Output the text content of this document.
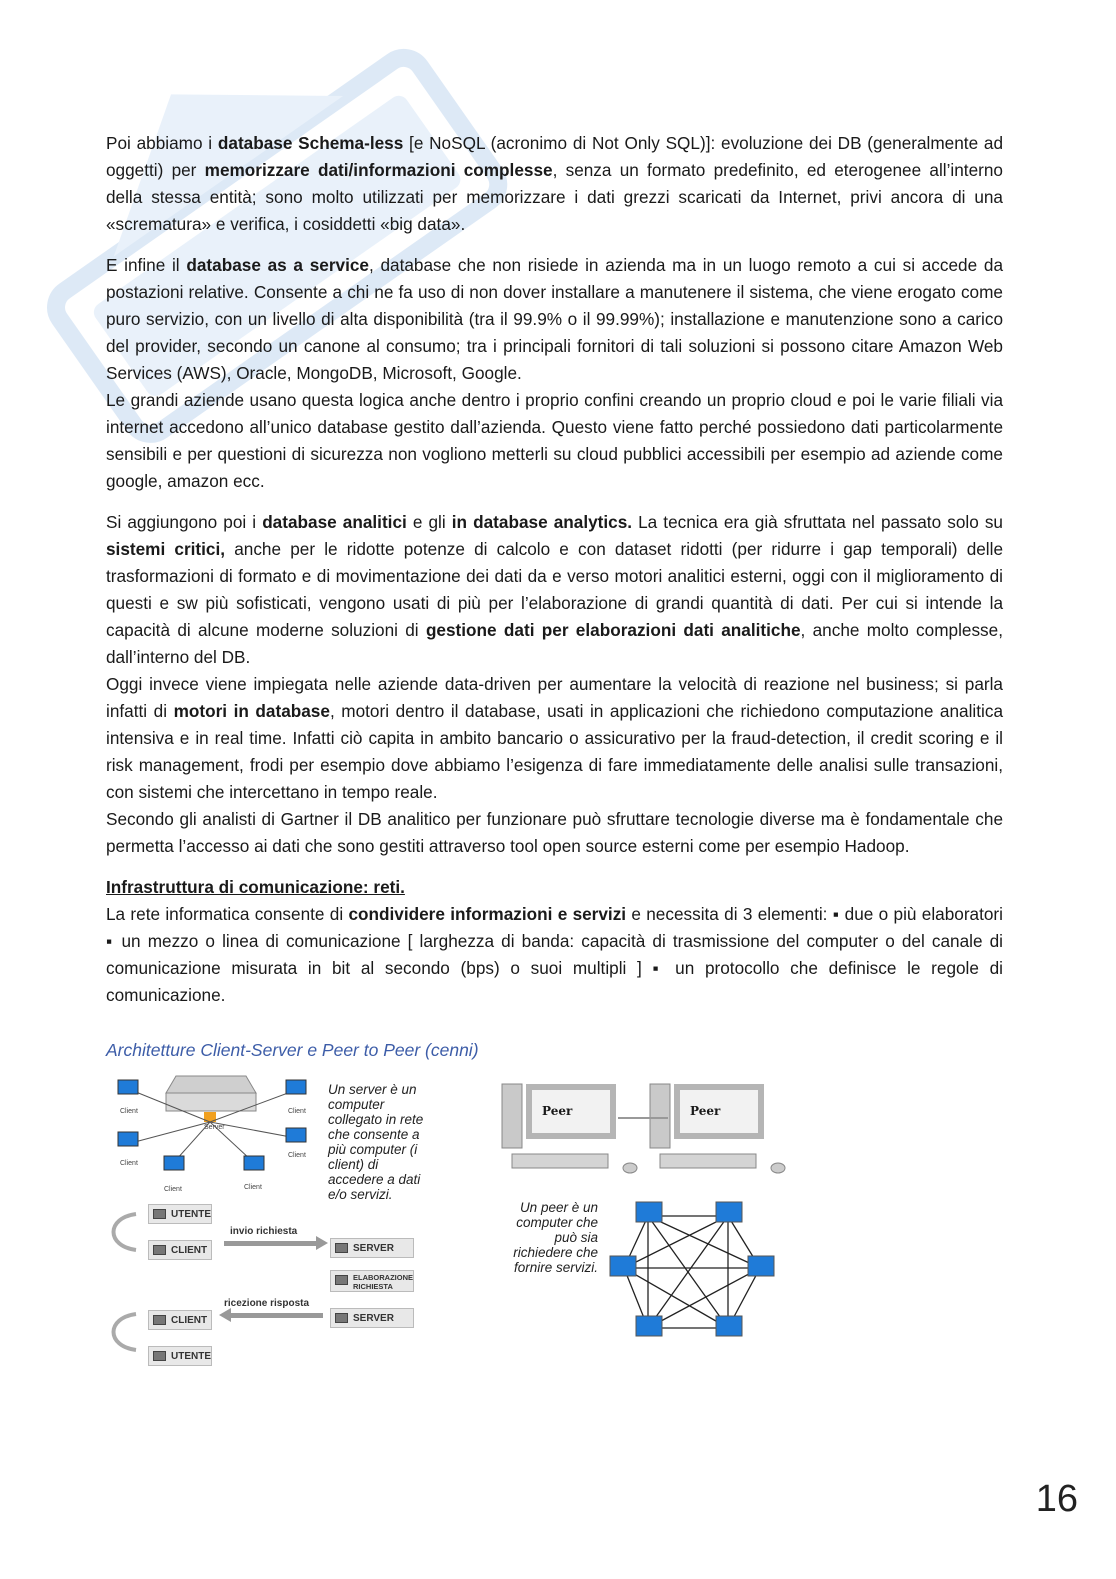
Poi abbiamo i database Schema-less [e NoSQL (acronimo di Not Only SQL)]: evoluzione dei DB (generalmente ad oggetti) per memorizzare dati/informazioni complesse, senza un formato predefinito, ed eterogenee all’interno della stessa entità; sono molto utilizzati per memorizzare i dati grezzi scaricati da Internet, privi ancora di una «scrematura» e verifica, i cosiddetti «big data».

E infine il database as a service, database che non risiede in azienda ma in un luogo remoto a cui si accede da postazioni relative. Consente a chi ne fa uso di non dover installare a manutenere il sistema, che viene erogato come puro servizio, con un livello di alta disponibilità (tra il 99.9% o il 99.99%); installazione e manutenzione sono a carico del provider, secondo un canone al consumo; tra i principali fornitori di tali soluzioni si possono citare Amazon Web Services (AWS), Oracle, MongoDB, Microsoft, Google.

Le grandi aziende usano questa logica anche dentro i proprio confini creando un proprio cloud e poi le varie filiali via internet accedono all’unico database gestito dall’azienda. Questo viene fatto perché possiedono dati particolarmente sensibili e per questioni di sicurezza non vogliono metterli su cloud pubblici accessibili per esempio ad aziende come google, amazon ecc.

Si aggiungono poi i database analitici e gli in database analytics. La tecnica era già sfruttata nel passato solo su sistemi critici, anche per le ridotte potenze di calcolo e con dataset ridotti (per ridurre i gap temporali) delle trasformazioni di formato e di movimentazione dei dati da e verso motori analitici esterni, oggi con il miglioramento di questi e sw più sofisticati, vengono usati di più per l’elaborazione di grandi quantità di dati. Per cui si intende la capacità di alcune moderne soluzioni di gestione dati per elaborazioni dati analitiche, anche molto complesse, dall’interno del DB.

Oggi invece viene impiegata nelle aziende data-driven per aumentare la velocità di reazione nel business; si parla infatti di motori in database, motori dentro il database, usati in applicazioni che richiedono computazione analitica intensiva e in real time. Infatti ciò capita in ambito bancario o assicurativo per la fraud-detection, il credit scoring e il risk management, frodi per esempio dove abbiamo l’esigenza di fare immediatamente delle analisi sulle transazioni, con sistemi che intercettano in tempo reale.

Secondo gli analisti di Gartner il DB analitico per funzionare può sfruttare tecnologie diverse ma è fondamentale che permetta l’accesso ai dati che sono gestiti attraverso tool open source esterni come per esempio Hadoop.

Infrastruttura di comunicazione: reti.

La rete informatica consente di condividere informazioni e servizi e necessita di 3 elementi: ▪ due o più elaboratori ▪ un mezzo o linea di comunicazione [ larghezza di banda: capacità di trasmissione del computer o del canale di comunicazione misurata in bit al secondo (bps) o suoi multipli ] ▪ un protocollo che definisce le regole di comunicazione.

Architetture Client-Server e Peer to Peer (cenni)
Server
Client	Client
Client
Client
Client	Client
Un server è un computer collegato in rete che consente a più computer (i client) di accedere a dati e/o servizi.
UTENTE
CLIENT
invio richiesta
SERVER
ELABORAZIONE RICHIESTA
SERVER
ricezione risposta
CLIENT
UTENTE
Peer	Peer
Un peer è un computer che può sia richiedere che fornire servizi.
16
